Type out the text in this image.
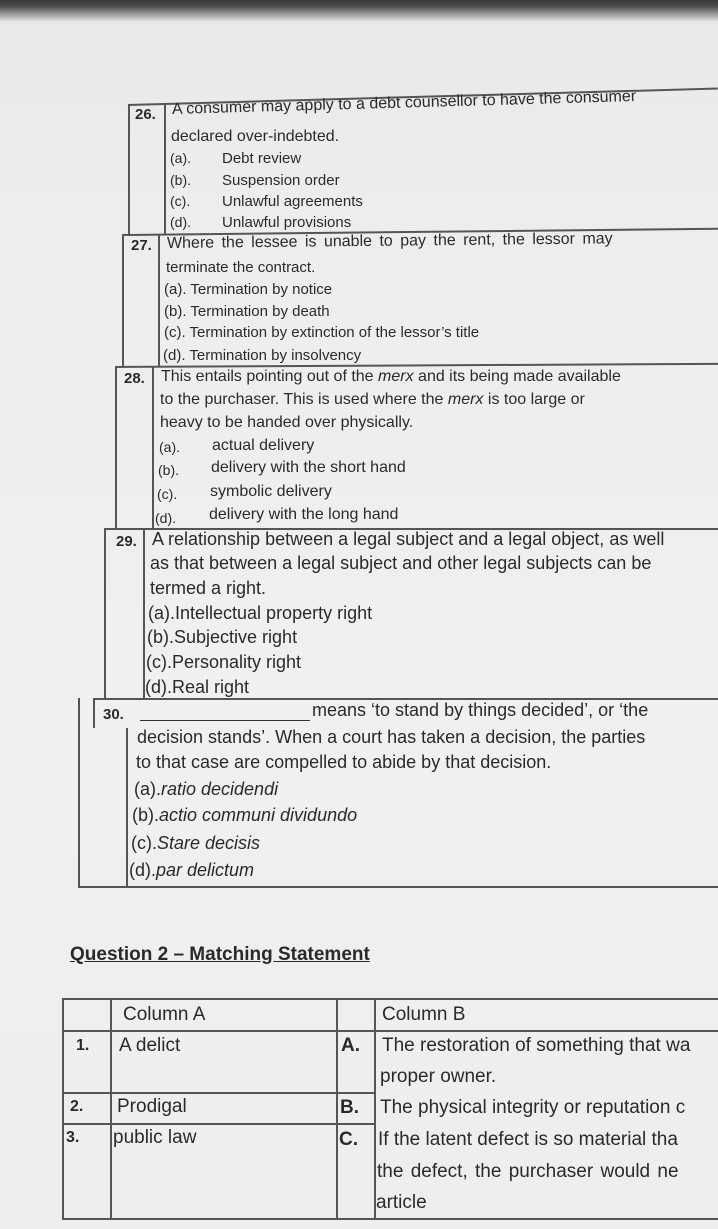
26. A consumer may apply to a debt counsellor to have the consumer
declared over-indebted.
(a). Debt review
(b). Suspension order
(c). Unlawful agreements
(d). Unlawful provisions
27. Where the lessee is unable to pay the rent, the lessor may
terminate the contract.
(a). Termination by notice
(b). Termination by death
(c). Termination by extinction of the lessor’s title
(d). Termination by insolvency
28. This entails pointing out of the merx and its being made available
to the purchaser. This is used where the merx is too large or
heavy to be handed over physically.
(a). actual delivery
(b). delivery with the short hand
(c). symbolic delivery
(d). delivery with the long hand
29. A relationship between a legal subject and a legal object, as well
as that between a legal subject and other legal subjects can be
termed a right.
(a).Intellectual property right
(b).Subjective right
(c).Personality right
(d).Real right
30.	means ‘to stand by things decided’, or ‘the
decision stands’. When a court has taken a decision, the parties
to that case are compelled to abide by that decision.
(a).ratio decidendi
(b).actio communi dividundo
(c).Stare decisis
(d).par delictum
Question 2 – Matching Statement
Column A	Column B
1. A delict
2. Prodigal
3. public law
A. The restoration of something that wa
proper owner.
B. The physical integrity or reputation c
C. If the latent defect is so material tha
the defect, the purchaser would ne
article
